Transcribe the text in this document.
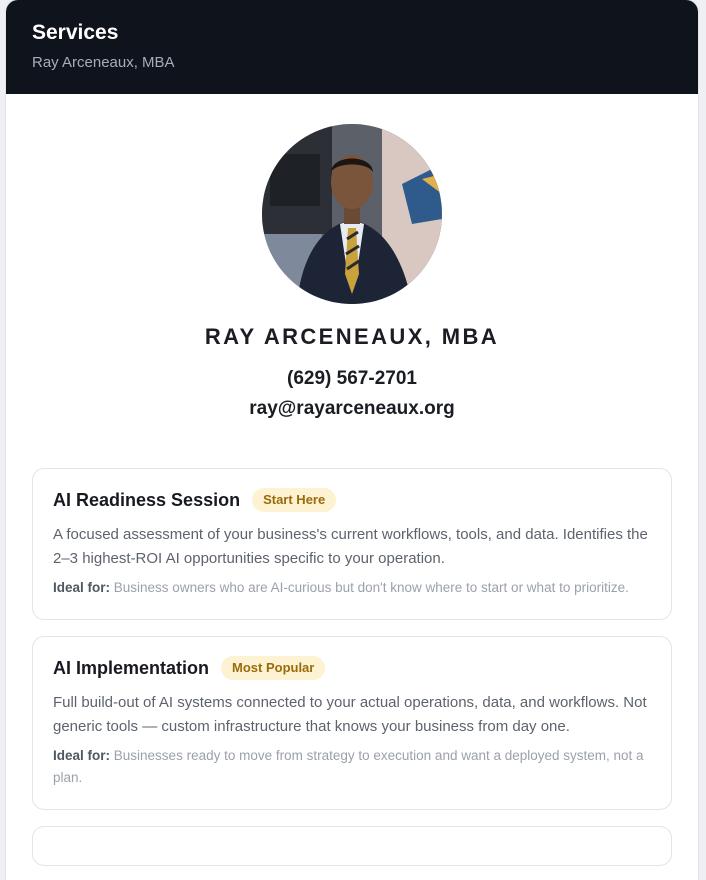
Services
Ray Arceneaux, MBA
RAY ARCENEAUX, MBA
(629) 567-2701
ray@rayarceneaux.org
AI Readiness Session	Start Here
A focused assessment of your business's current workflows, tools, and data. Identifies the 2–3 highest-ROI AI opportunities specific to your operation.
Ideal for: Business owners who are AI-curious but don't know where to start or what to prioritize.
AI Implementation	Most Popular
Full build-out of AI systems connected to your actual operations, data, and workflows. Not generic tools — custom infrastructure that knows your business from day one.
Ideal for: Businesses ready to move from strategy to execution and want a deployed system, not a plan.
